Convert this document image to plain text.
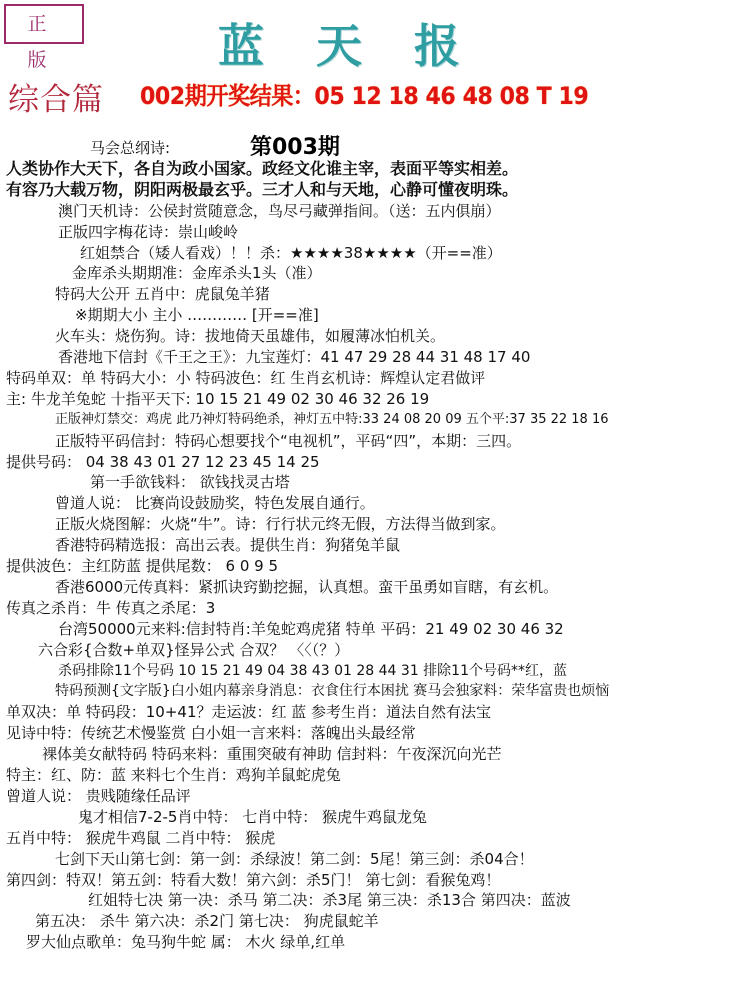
正 版	蓝天报
综合篇 002期开奖结果：05 12 18 46 48 08 T 19
第003期
马会总纲诗:
人类协作大天下，各自为政小国家。政经文化谁主宰，表面平等实相差。
有容乃大载万物，阴阳两极最玄乎。三才人和与天地，心静可懂夜明珠。
澳门天机诗：公侯封赏随意念，鸟尽弓藏弹指间。（送：五内俱崩）
正版四字梅花诗：崇山峻岭
红姐禁合（矮人看戏）！！杀：★★★★38★★★★（开==准）
金库杀头期期准：金库杀头1头（准）
特码大公开 五肖中：虎鼠兔羊猪
※期期大小 主小 ………… [开==准]
火车头：烧伤狗。诗：拔地倚天虽雄伟，如履薄冰怕机关。
香港地下信封《千王之王》：九宝莲灯：41 47 29 28 44 31 48 17 40
特码单双：单 特码大小：小 特码波色：红 生肖玄机诗：辉煌认定君做评
主: 牛龙羊兔蛇 十指平天下: 10 15 21 49 02 30 46 32 26 19
正版神灯禁交：鸡虎 此乃神灯特码绝杀，神灯五中特:33 24 08 20 09 五个平:37 35 22 18 16
正版特平码信封：特码心想要找个“电视机”，平码“四”，本期：三四。
提供号码： 04 38 43 01 27 12 23 45 14 25
第一手欲钱料： 欲钱找灵古塔
曾道人说： 比赛尚设鼓励奖，特色发展自通行。
正版火烧图解：火烧“牛”。诗：行行状元终无假，方法得当做到家。
香港特码精选报：高出云表。提供生肖：狗猪兔羊鼠
提供波色：主红防蓝 提供尾数： 6 0 9 5
香港6000元传真料：紧抓诀窍勤挖掘，认真想。蛮干虽勇如盲瞎，有玄机。
传真之杀肖：牛 传真之杀尾：3
台湾50000元来料:信封特肖:羊兔蛇鸡虎猪 特单 平码：21 49 02 30 46 32
六合彩{合数+单双}怪异公式 合双？ 〈〈（？）
杀码排除11个号码 10 15 21 49 04 38 43 01 28 44 31 排除11个号码**红，蓝
特码预测{文字版}白小姐内幕亲身消息：衣食住行本困扰 赛马会独家料：荣华富贵也烦恼
单双决：单 特码段：10+41？走运波：红 蓝 参考生肖：道法自然有法宝
见诗中特：传统艺术慢鉴赏 白小姐一言来料：落魄出头最经常
裸体美女献特码 特码来料：重围突破有神助 信封料：午夜深沉向光芒
特主：红、防：蓝 来料七个生肖：鸡狗羊鼠蛇虎兔
曾道人说： 贵贱随缘任品评
鬼才相信7-2-5肖中特： 七肖中特： 猴虎牛鸡鼠龙兔
五肖中特： 猴虎牛鸡鼠 二肖中特： 猴虎
七剑下天山第七剑：第一剑：杀绿波！第二剑：5尾！第三剑：杀04合！
第四剑：特双！第五剑：特看大数！第六剑：杀5门！ 第七剑：看猴兔鸡！
红姐特七决 第一决：杀马 第二决：杀3尾 第三决：杀13合 第四决：蓝波
第五决： 杀牛 第六决：杀2门 第七决： 狗虎鼠蛇羊
罗大仙点歌单：兔马狗牛蛇 属： 木火 绿单,红单
